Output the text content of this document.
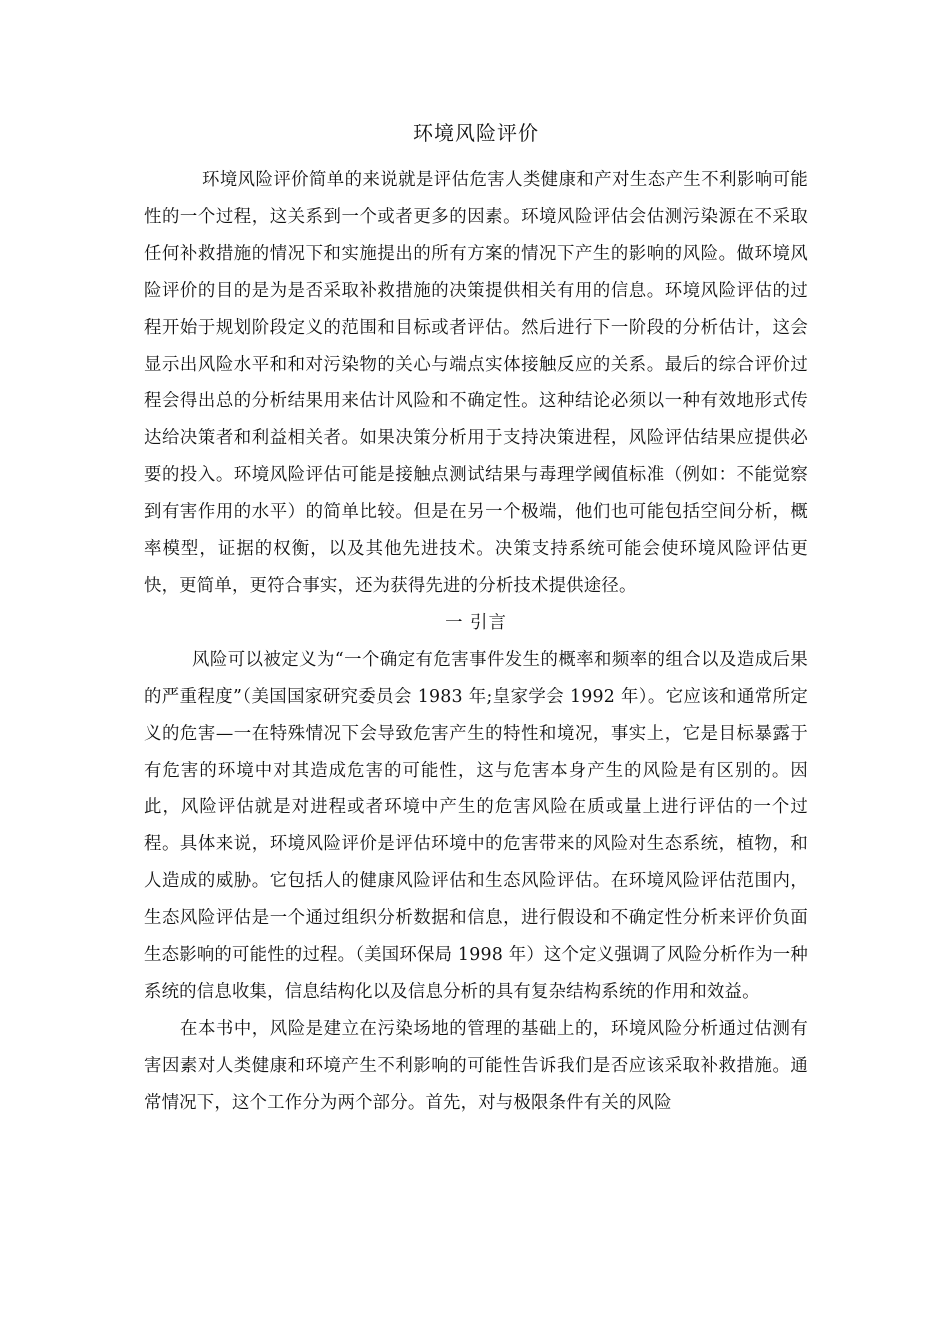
环境风险评价

环境风险评价简单的来说就是评估危害人类健康和产对生态产生不利影响可能性的一个过程，这关系到一个或者更多的因素。环境风险评估会估测污染源在不采取任何补救措施的情况下和实施提出的所有方案的情况下产生的影响的风险。做环境风险评价的目的是为是否采取补救措施的决策提供相关有用的信息。环境风险评估的过程开始于规划阶段定义的范围和目标或者评估。然后进行下一阶段的分析估计，这会显示出风险水平和和对污染物的关心与端点实体接触反应的关系。最后的综合评价过程会得出总的分析结果用来估计风险和不确定性。这种结论必须以一种有效地形式传达给决策者和利益相关者。如果决策分析用于支持决策进程，风险评估结果应提供必要的投入。环境风险评估可能是接触点测试结果与毒理学阈值标准（例如：不能觉察到有害作用的水平）的简单比较。但是在另一个极端，他们也可能包括空间分析，概率模型，证据的权衡，以及其他先进技术。决策支持系统可能会使环境风险评估更快，更简单，更符合事实，还为获得先进的分析技术提供途径。

一 引言

风险可以被定义为“一个确定有危害事件发生的概率和频率的组合以及造成后果的严重程度”（美国国家研究委员会 1983 年;皇家学会 1992 年）。它应该和通常所定义的危害—一在特殊情况下会导致危害产生的特性和境况，事实上，它是目标暴露于有危害的环境中对其造成危害的可能性，这与危害本身产生的风险是有区别的。因此，风险评估就是对进程或者环境中产生的危害风险在质或量上进行评估的一个过程。具体来说，环境风险评价是评估环境中的危害带来的风险对生态系统，植物，和人造成的威胁。它包括人的健康风险评估和生态风险评估。在环境风险评估范围内，生态风险评估是一个通过组织分析数据和信息，进行假设和不确定性分析来评价负面生态影响的可能性的过程。（美国环保局 1998 年）这个定义强调了风险分析作为一种系统的信息收集，信息结构化以及信息分析的具有复杂结构系统的作用和效益。

在本书中，风险是建立在污染场地的管理的基础上的，环境风险分析通过估测有害因素对人类健康和环境产生不利影响的可能性告诉我们是否应该采取补救措施。通常情况下，这个工作分为两个部分。首先，对与极限条件有关的风险
